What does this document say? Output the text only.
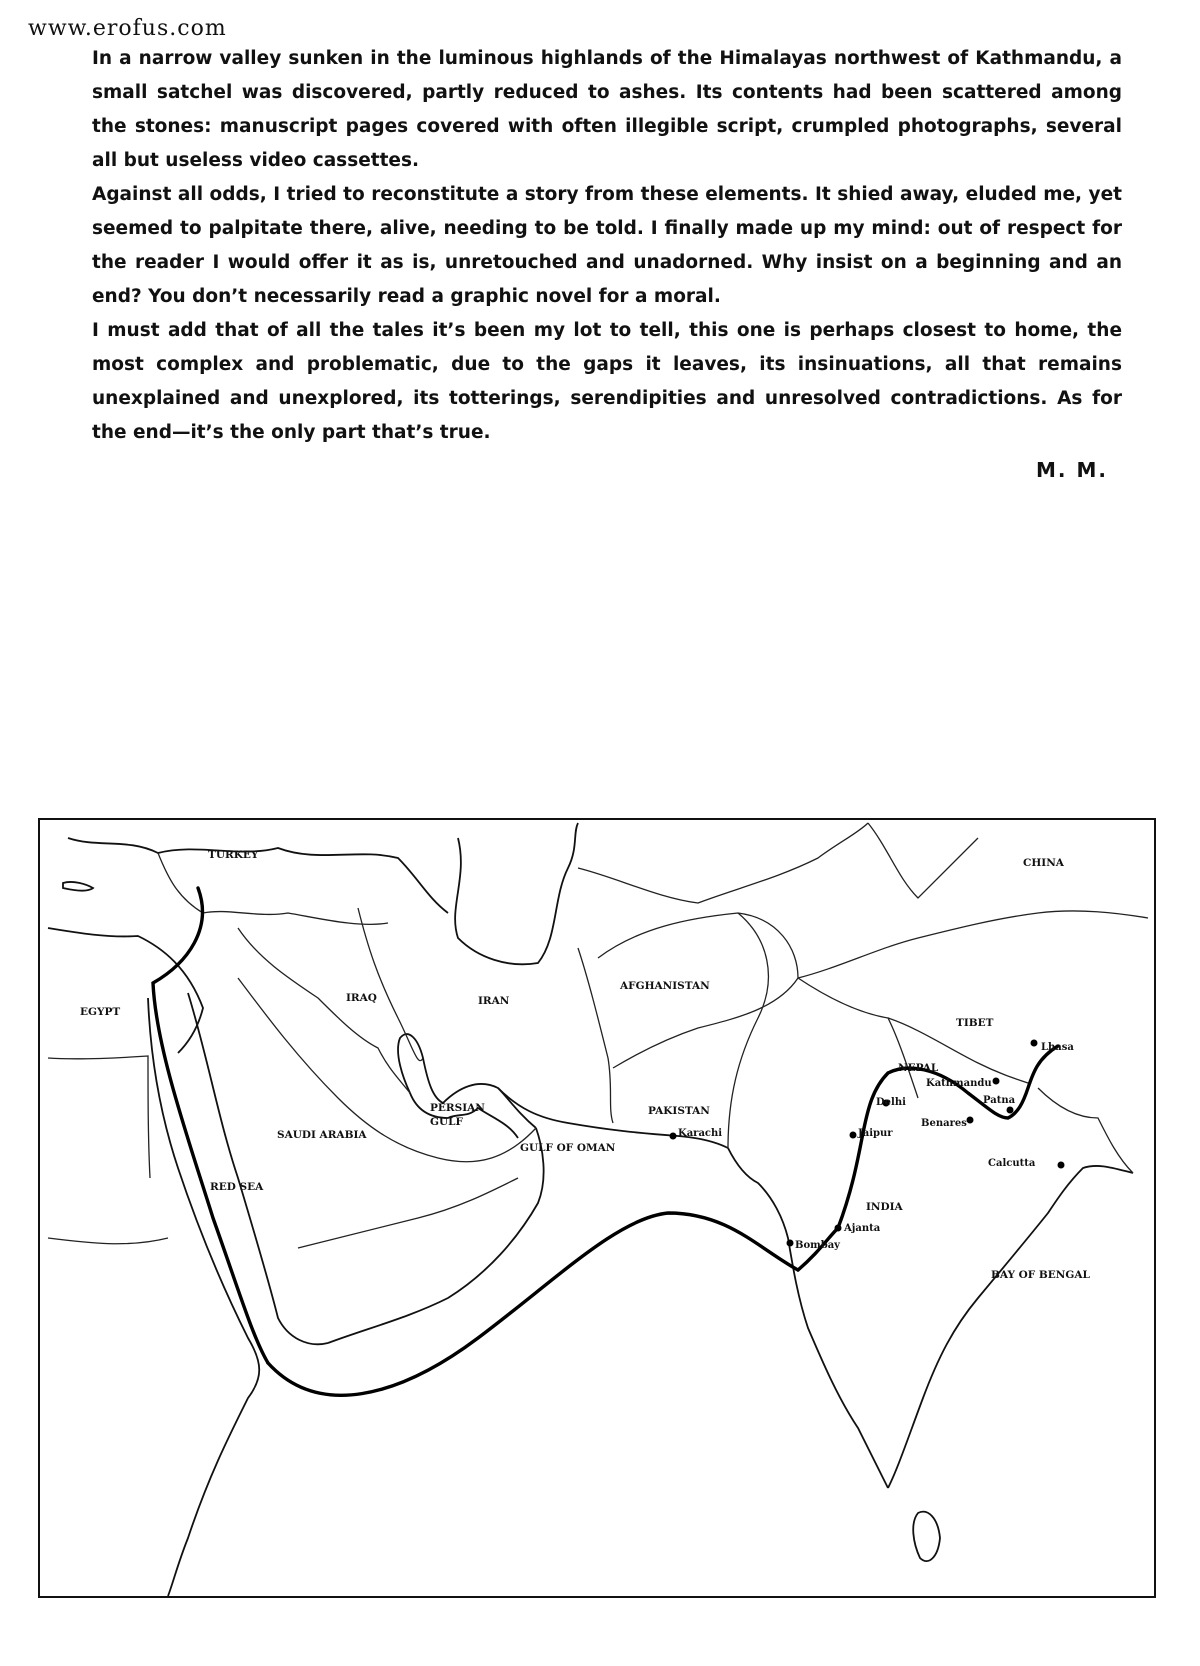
www.erofus.com

In a narrow valley sunken in the luminous highlands of the Himalayas northwest of Kathmandu, a small satchel was discovered, partly reduced to ashes. Its contents had been scattered among the stones: manuscript pages covered with often illegible script, crumpled photographs, several all but useless video cassettes.

Against all odds, I tried to reconstitute a story from these elements. It shied away, eluded me, yet seemed to palpitate there, alive, needing to be told. I finally made up my mind: out of respect for the reader I would offer it as is, unretouched and unadorned. Why insist on a beginning and an end? You don’t necessarily read a graphic novel for a moral.

I must add that of all the tales it’s been my lot to tell, this one is perhaps closest to home, the most complex and problematic, due to the gaps it leaves, its insinuations, all that remains unexplained and unexplored, its totterings, serendipities and unresolved contradictions. As for the end—it’s the only part that’s true.

M. M.
TURKEY
CHINA
EGYPT
IRAQ	IRAN
AFGHANISTAN
TIBET
NEPAL
PAKISTAN
SAUDI ARABIA
INDIA
PERSIAN
GULF
GULF OF OMAN
RED SEA
BAY OF BENGAL
Lhasa
Kathmandu
Delhi	Patna
Benares
Jaipur
Karachi
Calcutta
Ajanta
Bombay
